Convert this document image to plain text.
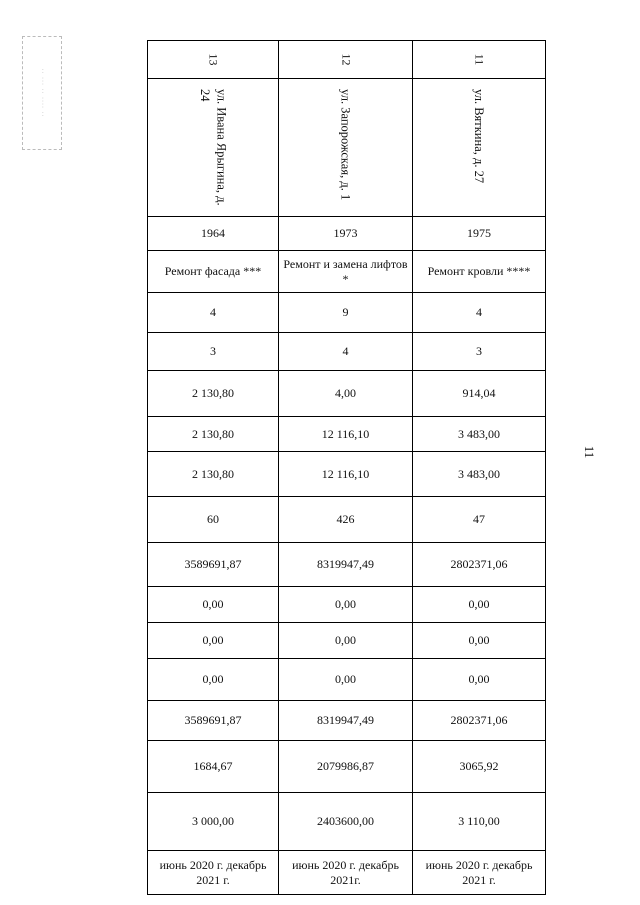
·· ··· ·· ···· ··
11
13	12	11

ул. Ивана Ярыгина, д. 24	ул. Запорожская, д. 1	ул. Вяткина, д. 27

1964	1973	1975
Ремонт фасада ***	Ремонт и замена лифтов *	Ремонт кровли ****
4	9	4
3	4	3
2 130,80	4,00	914,04
2 130,80	12 116,10	3 483,00
2 130,80	12 116,10	3 483,00
60	426	47
3589691,87	8319947,49	2802371,06
0,00	0,00	0,00
0,00	0,00	0,00
0,00	0,00	0,00
3589691,87	8319947,49	2802371,06
1684,67	2079986,87	3065,92
3 000,00	2403600,00	3 110,00
июнь 2020 г. декабрь 2021 г.	июнь 2020 г. декабрь 2021г.	июнь 2020 г. декабрь 2021 г.
